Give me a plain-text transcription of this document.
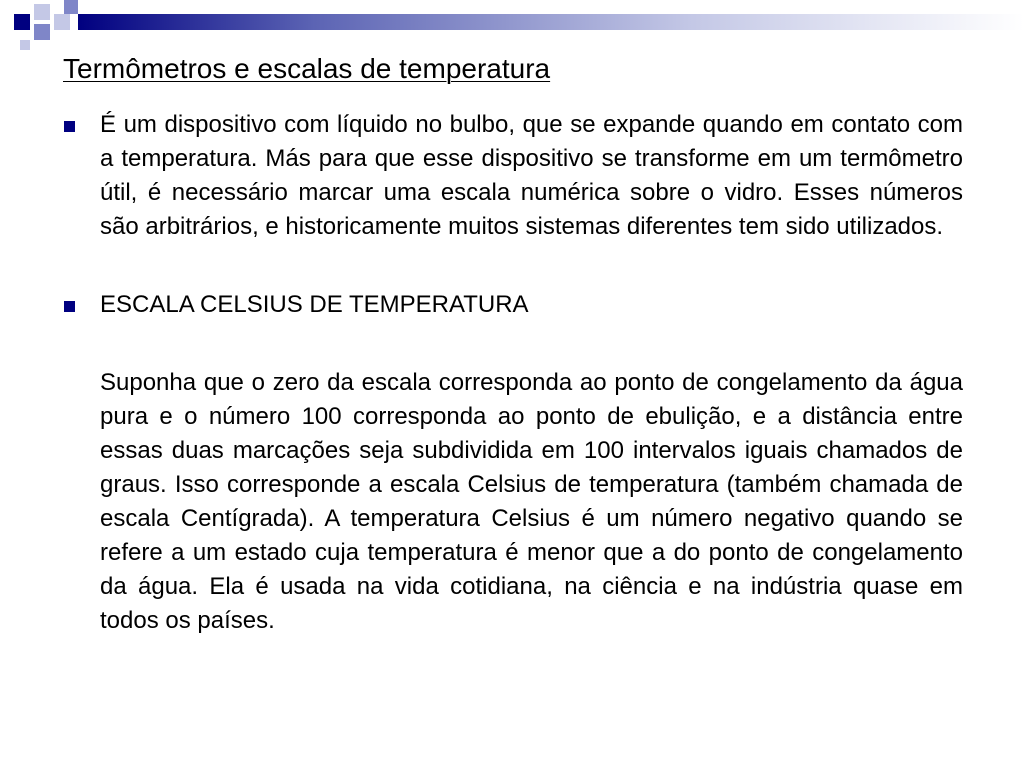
Termômetros e escalas de temperatura

É um dispositivo com líquido no bulbo, que se expande quando em contato com a temperatura. Más para que esse dispositivo se transforme em um termômetro útil, é necessário marcar uma escala numérica sobre o vidro. Esses números são arbitrários, e historicamente muitos sistemas diferentes tem sido utilizados.

ESCALA CELSIUS DE TEMPERATURA

Suponha que o zero da escala corresponda ao ponto de congelamento da água pura e o número 100 corresponda ao ponto de ebulição, e a distância entre essas duas marcações seja subdividida em 100 intervalos iguais chamados de graus. Isso corresponde a escala Celsius de temperatura (também chamada de escala Centígrada). A temperatura Celsius é um número negativo quando se refere a um estado cuja temperatura é menor que a do ponto de congelamento da água. Ela é usada na vida cotidiana, na ciência e na indústria quase em todos os países.
